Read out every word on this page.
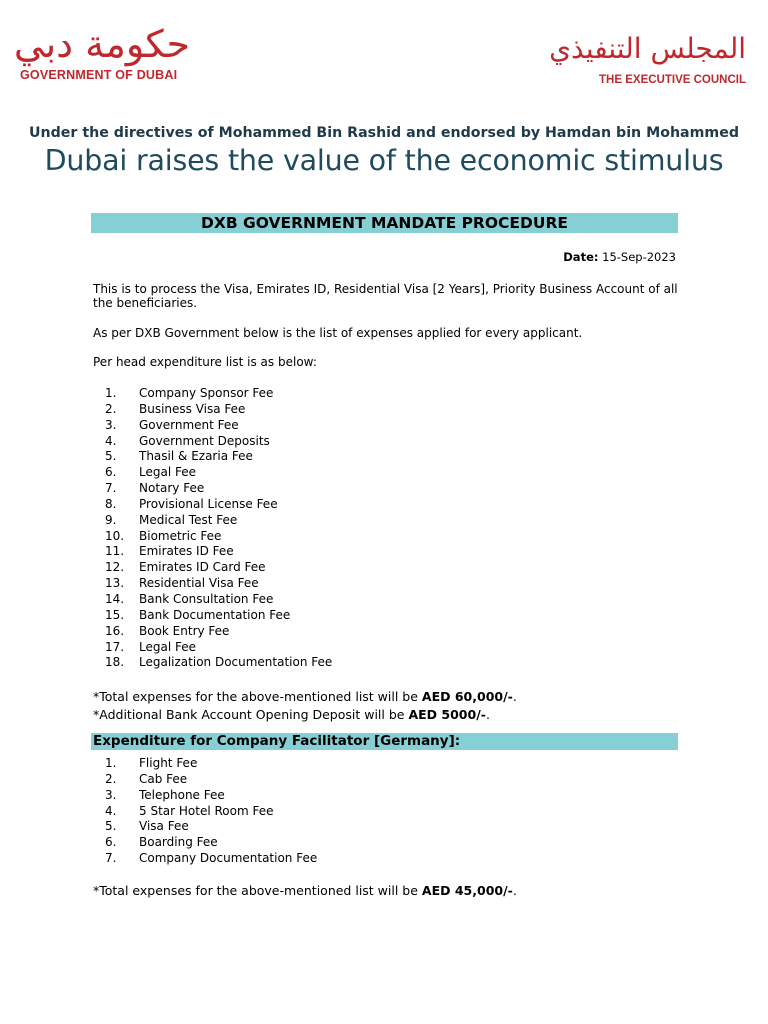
حكومة دبي
GOVERNMENT OF DUBAI
المجلس التنفيذي
THE EXECUTIVE COUNCIL
Under the directives of Mohammed Bin Rashid and endorsed by Hamdan bin Mohammed
Dubai raises the value of the economic stimulus
DXB GOVERNMENT MANDATE PROCEDURE
Date: 15-Sep-2023
This is to process the Visa, Emirates ID, Residential Visa [2 Years], Priority Business Account of all the beneficiaries.
As per DXB Government below is the list of expenses applied for every applicant.
Per head expenditure list is as below:
1. Company Sponsor Fee
2. Business Visa Fee
3. Government Fee
4. Government Deposits
5. Thasil & Ezaria Fee
6. Legal Fee
7. Notary Fee
8. Provisional License Fee
9. Medical Test Fee
10. Biometric Fee
11. Emirates ID Fee
12. Emirates ID Card Fee
13. Residential Visa Fee
14. Bank Consultation Fee
15. Bank Documentation Fee
16. Book Entry Fee
17. Legal Fee
18. Legalization Documentation Fee
*Total expenses for the above-mentioned list will be AED 60,000/-.
*Additional Bank Account Opening Deposit will be AED 5000/-.
Expenditure for Company Facilitator [Germany]:
1. Flight Fee
2. Cab Fee
3. Telephone Fee
4. 5 Star Hotel Room Fee
5. Visa Fee
6. Boarding Fee
7. Company Documentation Fee
*Total expenses for the above-mentioned list will be AED 45,000/-.
